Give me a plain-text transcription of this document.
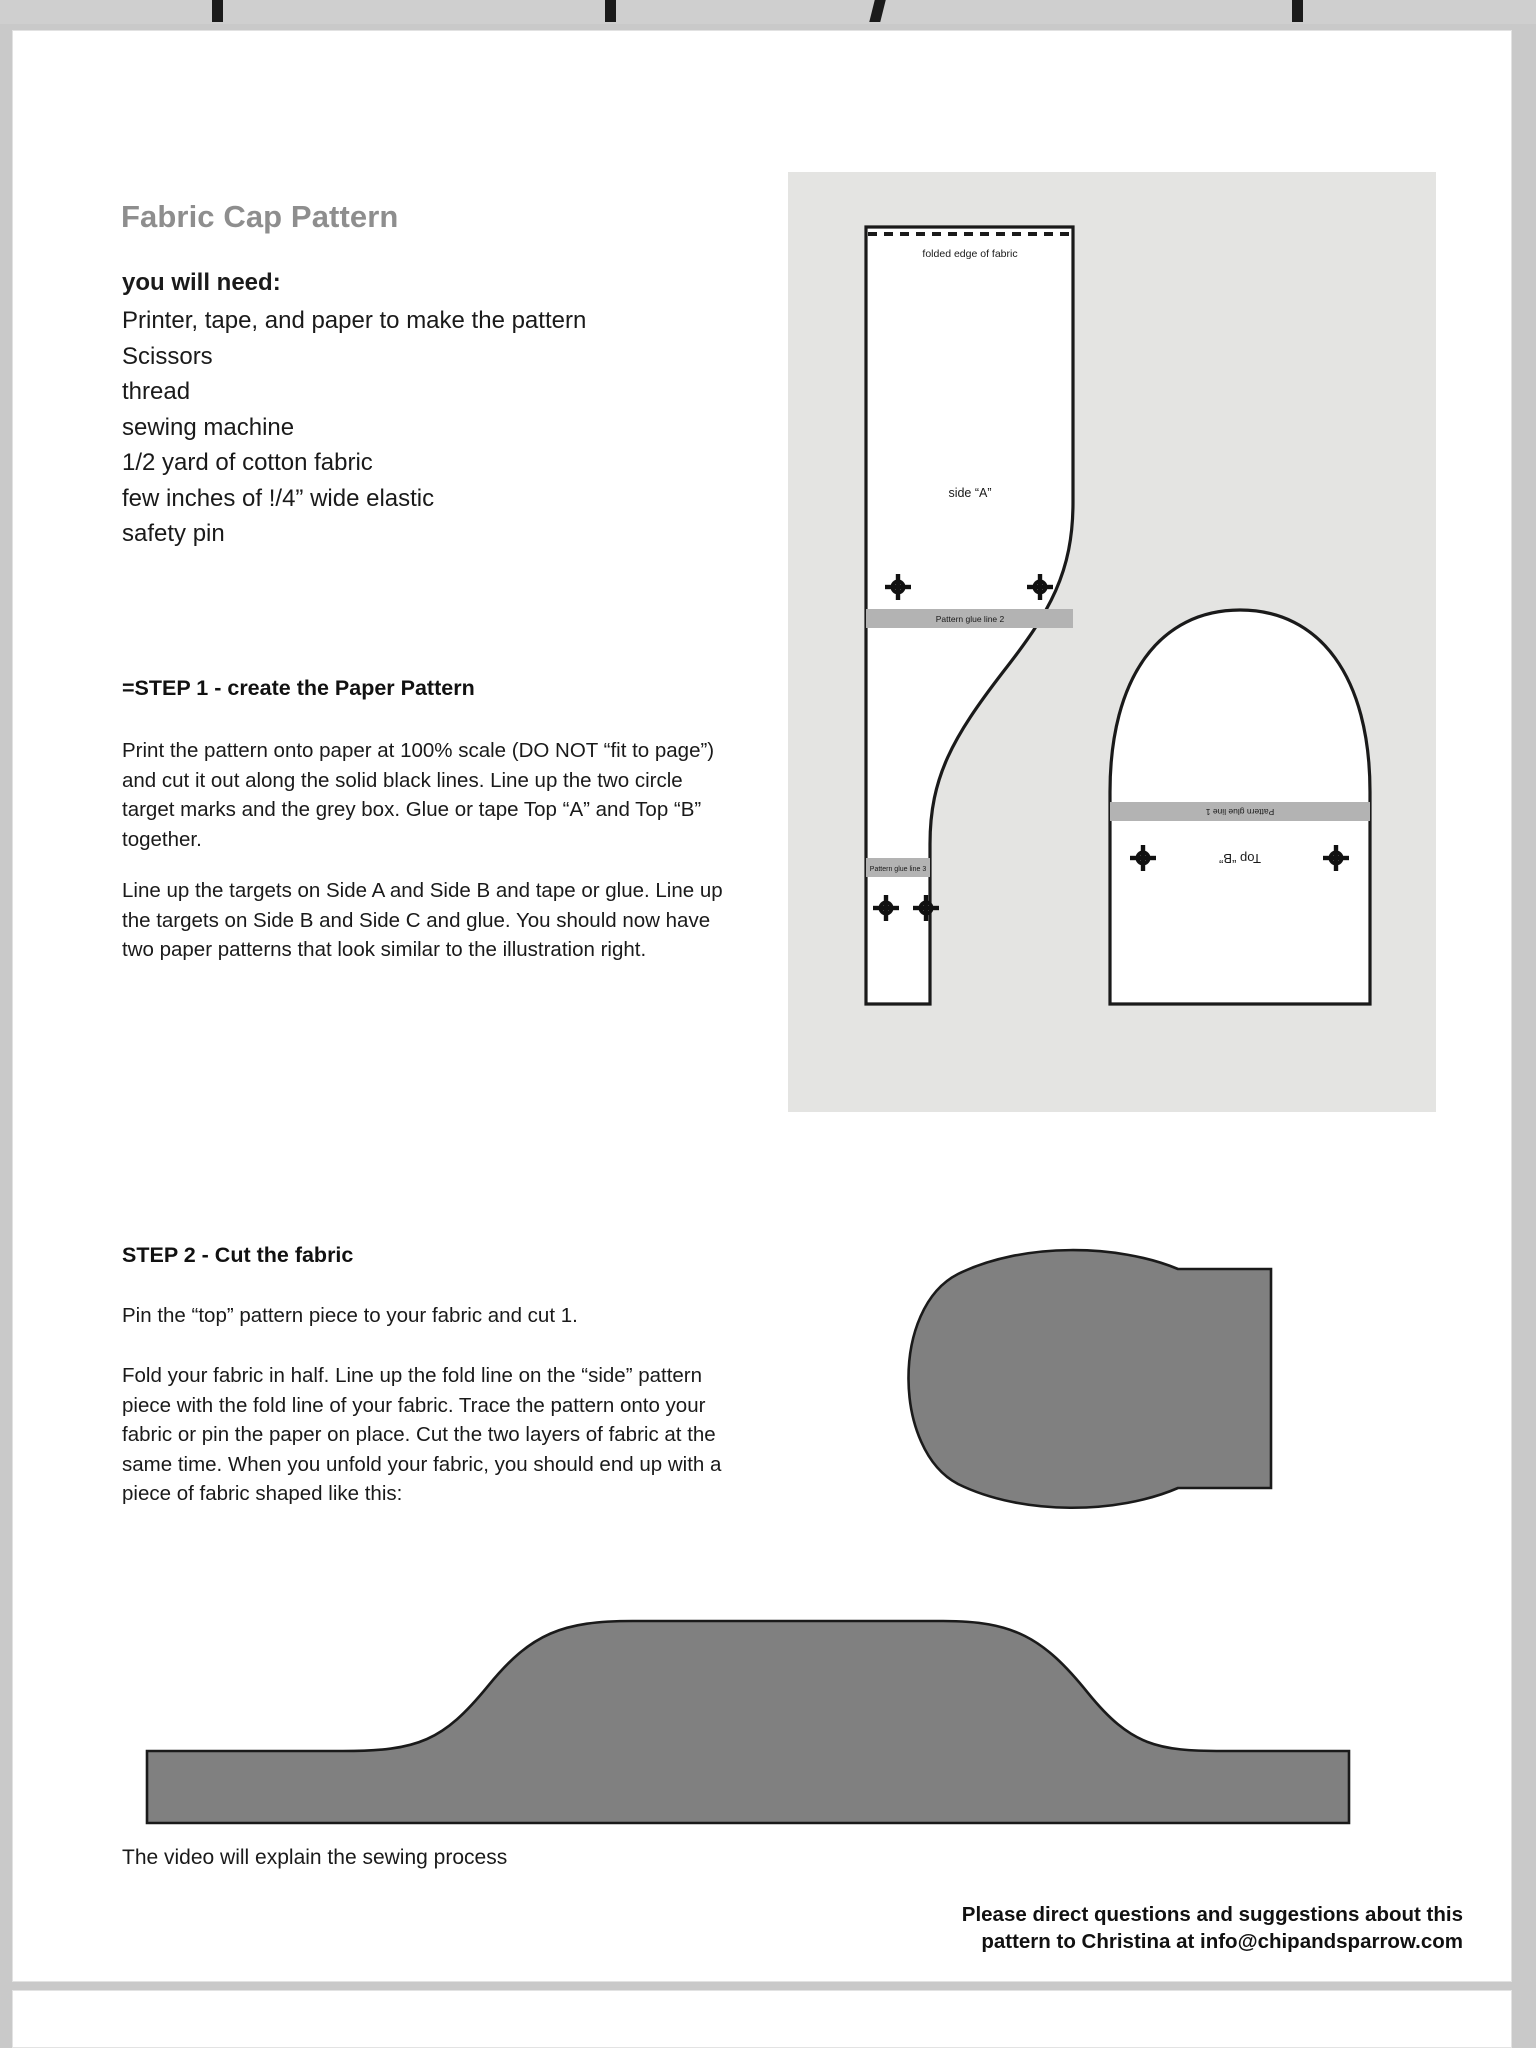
Fabric Cap Pattern
you will need:
Printer, tape, and paper to make the pattern
Scissors
thread
sewing machine
1/2 yard of cotton fabric
few inches of !/4” wide elastic
safety pin
=STEP 1 - create the Paper Pattern
Print the pattern onto paper at 100% scale (DO NOT “fit to page”) and cut it out along the solid black lines. Line up the two circle target marks and the grey box. Glue or tape Top “A” and Top “B” together.
Line up the targets on Side A and Side B and tape or glue. Line up the targets on Side B and Side C and glue. You should now have two paper patterns that look similar to the illustration right.
STEP 2 - Cut the fabric
Pin the “top” pattern piece to your fabric and cut 1.
Fold your fabric in half. Line up the fold line on the “side” pattern piece with the fold line of your fabric. Trace the pattern onto your fabric or pin the paper on place. Cut the two layers of fabric at the same time. When you unfold your fabric, you should end up with a piece of fabric shaped like this:
The video will explain the sewing process
Please direct questions and suggestions about this
pattern to Christina at info@chipandsparrow.com
folded edge of fabric
side “A”
Pattern glue line 2
Pattern glue line 3
Pattern glue line 1
Top “B”
